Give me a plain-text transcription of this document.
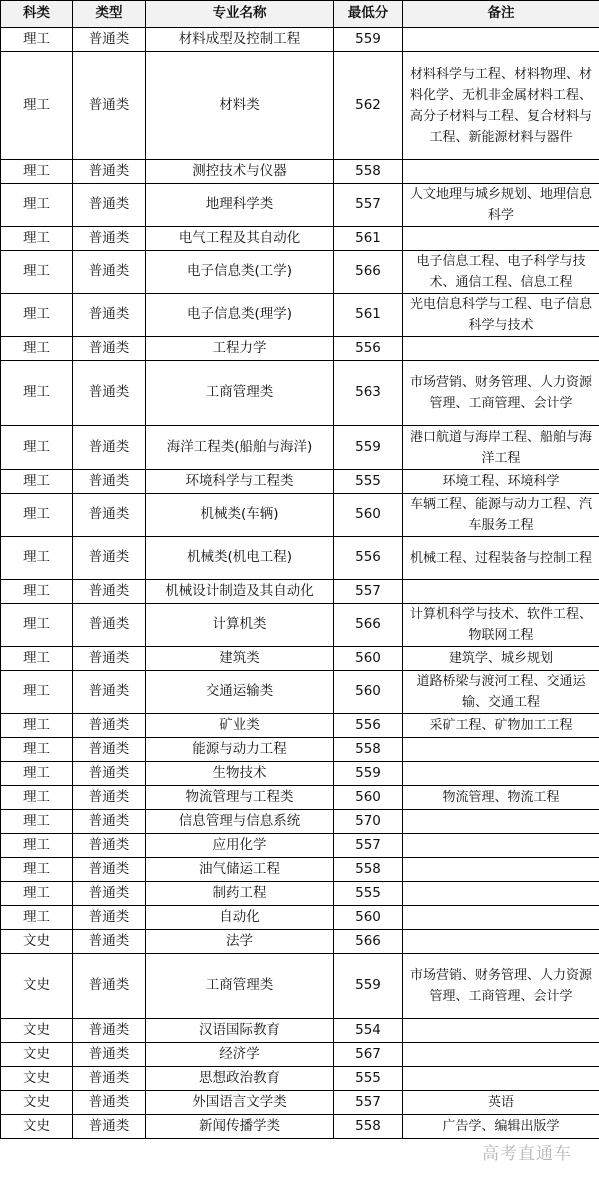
科类	类型	专业名称	最低分	备注
理工	普通类	材料成型及控制工程	559	
理工	普通类	材料类	562	材料科学与工程、材料物理、材料化学、无机非金属材料工程、高分子材料与工程、复合材料与工程、新能源材料与器件
理工	普通类	测控技术与仪器	558	
理工	普通类	地理科学类	557	人文地理与城乡规划、地理信息科学
理工	普通类	电气工程及其自动化	561	
理工	普通类	电子信息类(工学)	566	电子信息工程、电子科学与技术、通信工程、信息工程
理工	普通类	电子信息类(理学)	561	光电信息科学与工程、电子信息科学与技术
理工	普通类	工程力学	556	
理工	普通类	工商管理类	563	市场营销、财务管理、人力资源管理、工商管理、会计学
理工	普通类	海洋工程类(船舶与海洋)	559	港口航道与海岸工程、船舶与海洋工程
理工	普通类	环境科学与工程类	555	环境工程、环境科学
理工	普通类	机械类(车辆)	560	车辆工程、能源与动力工程、汽车服务工程
理工	普通类	机械类(机电工程)	556	机械工程、过程装备与控制工程
理工	普通类	机械设计制造及其自动化	557	
理工	普通类	计算机类	566	计算机科学与技术、软件工程、物联网工程
理工	普通类	建筑类	560	建筑学、城乡规划
理工	普通类	交通运输类	560	道路桥梁与渡河工程、交通运输、交通工程
理工	普通类	矿业类	556	采矿工程、矿物加工工程
理工	普通类	能源与动力工程	558	
理工	普通类	生物技术	559	
理工	普通类	物流管理与工程类	560	物流管理、物流工程
理工	普通类	信息管理与信息系统	570	
理工	普通类	应用化学	557	
理工	普通类	油气储运工程	558	
理工	普通类	制药工程	555	
理工	普通类	自动化	560	
文史	普通类	法学	566	
文史	普通类	工商管理类	559	市场营销、财务管理、人力资源管理、工商管理、会计学
文史	普通类	汉语国际教育	554	
文史	普通类	经济学	567	
文史	普通类	思想政治教育	555	
文史	普通类	外国语言文学类	557	英语
文史	普通类	新闻传播学类	558	广告学、编辑出版学
高考直通车
